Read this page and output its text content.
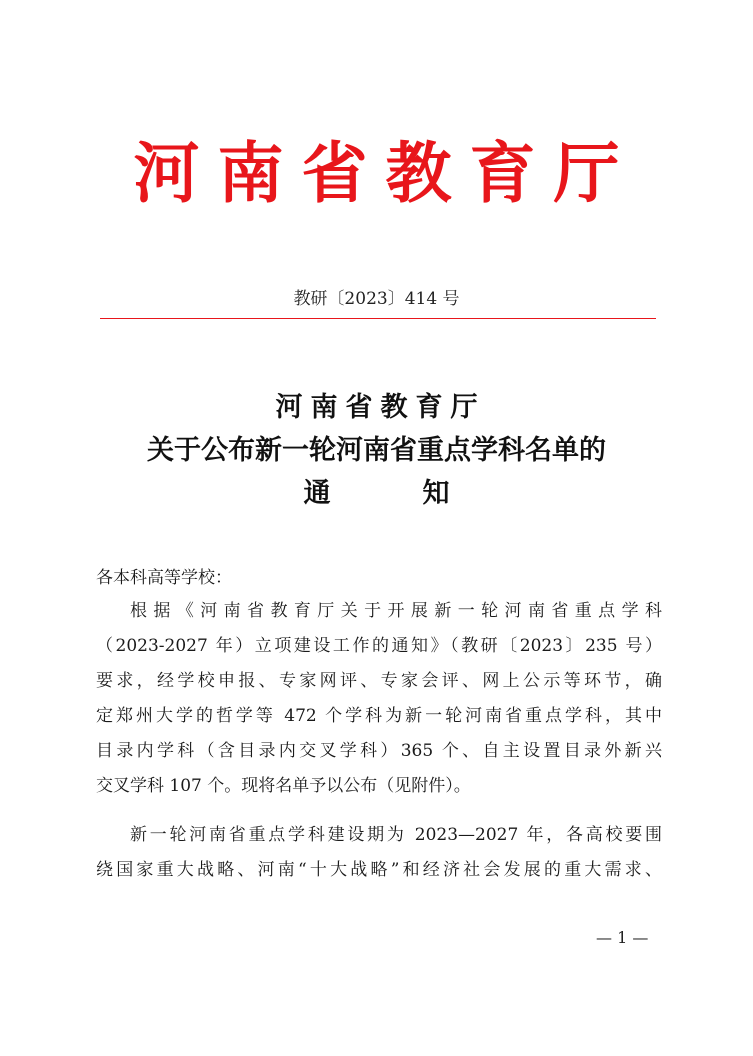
河南省教育厅
教研〔2023〕414 号
河南省教育厅
关于公布新一轮河南省重点学科名单的
通	知
各本科高等学校：
根据《河南省教育厅关于开展新一轮河南省重点学科
（2023-2027 年）立项建设工作的通知》（教研〔2023〕235 号）
要求，经学校申报、专家网评、专家会评、网上公示等环节，确
定郑州大学的哲学等 472 个学科为新一轮河南省重点学科，其中
目录内学科（含目录内交叉学科）365 个、自主设置目录外新兴
交叉学科 107 个。现将名单予以公布（见附件）。
新一轮河南省重点学科建设期为 2023—2027 年，各高校要围
绕国家重大战略、河南“十大战略”和经济社会发展的重大需求、
— 1 —
